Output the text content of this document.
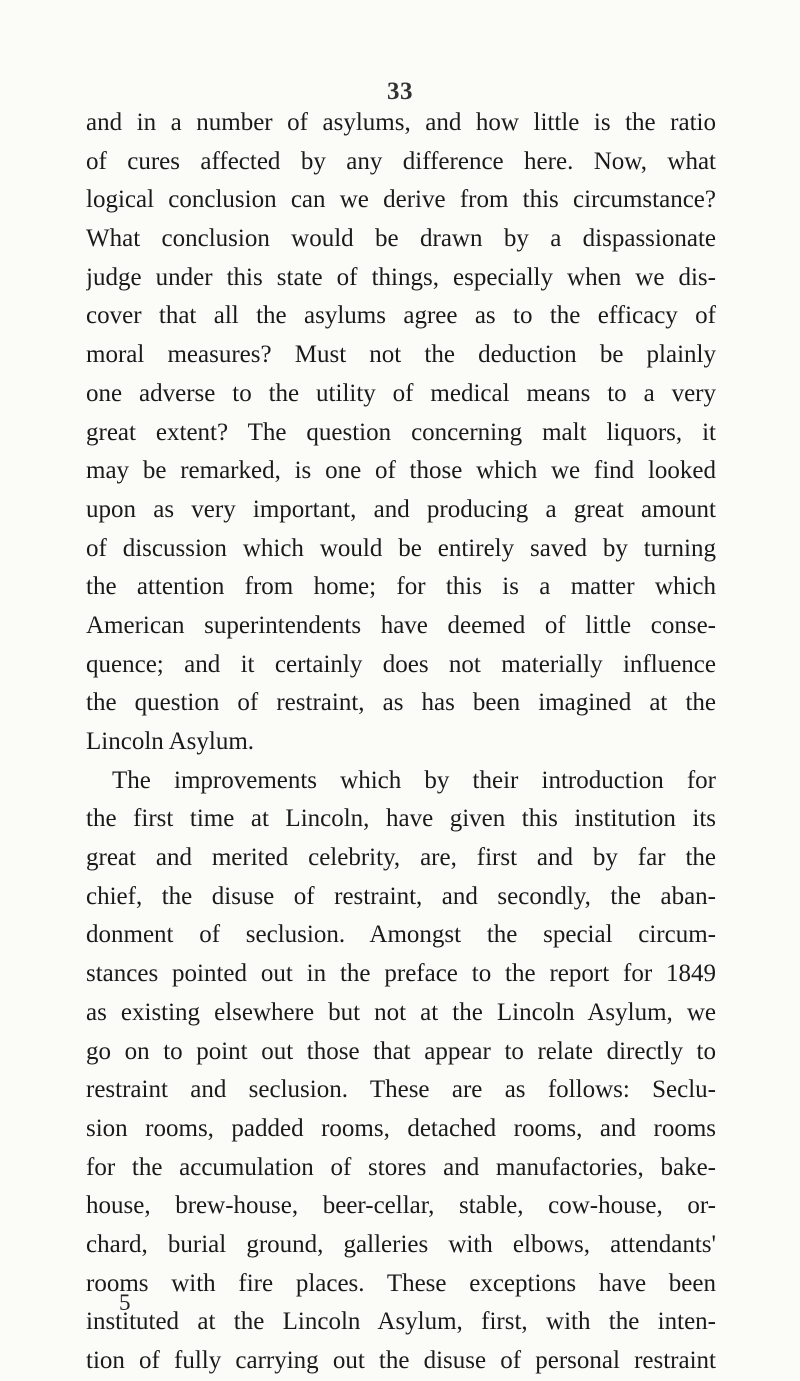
33
and in a number of asylums, and how little is the ratio
of cures affected by any difference here. Now, what
logical conclusion can we derive from this circumstance?
What conclusion would be drawn by a dispassionate
judge under this state of things, especially when we dis-
cover that all the asylums agree as to the efficacy of
moral measures? Must not the deduction be plainly
one adverse to the utility of medical means to a very
great extent? The question concerning malt liquors, it
may be remarked, is one of those which we find looked
upon as very important, and producing a great amount
of discussion which would be entirely saved by turning
the attention from home; for this is a matter which
American superintendents have deemed of little conse-
quence; and it certainly does not materially influence
the question of restraint, as has been imagined at the
Lincoln Asylum.
The improvements which by their introduction for
the first time at Lincoln, have given this institution its
great and merited celebrity, are, first and by far the
chief, the disuse of restraint, and secondly, the aban-
donment of seclusion. Amongst the special circum-
stances pointed out in the preface to the report for 1849
as existing elsewhere but not at the Lincoln Asylum, we
go on to point out those that appear to relate directly to
restraint and seclusion. These are as follows: Seclu-
sion rooms, padded rooms, detached rooms, and rooms
for the accumulation of stores and manufactories, bake-
house, brew-house, beer-cellar, stable, cow-house, or-
chard, burial ground, galleries with elbows, attendants'
rooms with fire places. These exceptions have been
instituted at the Lincoln Asylum, first, with the inten-
tion of fully carrying out the disuse of personal restraint
5
